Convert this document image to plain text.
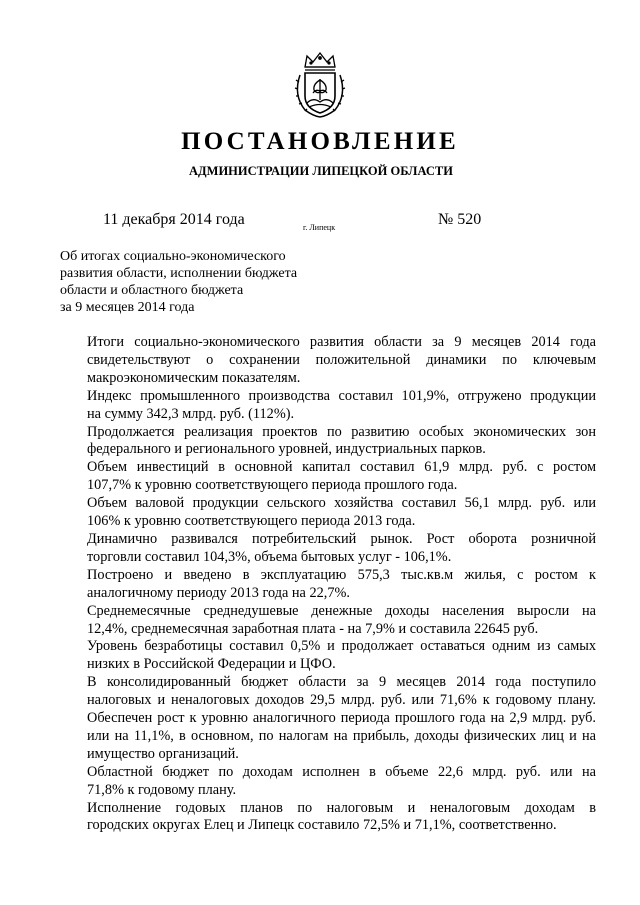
ПОСТАНОВЛЕНИЕ
АДМИНИСТРАЦИИ ЛИПЕЦКОЙ ОБЛАСТИ
11 декабря 2014 года	г. Липецк	№ 520
Об итогах социально-экономического
развития области, исполнении бюджета
области и областного бюджета
за 9 месяцев 2014 года

Итоги социально-экономического развития области за 9 месяцев 2014 года
свидетельствуют о сохранении положительной динамики по ключевым
макроэкономическим показателям.

Индекс промышленного производства составил 101,9%, отгружено продукции
на сумму 342,3 млрд. руб. (112%).

Продолжается реализация проектов по развитию особых экономических зон
федерального и регионального уровней, индустриальных парков.

Объем инвестиций в основной капитал составил 61,9 млрд. руб. с ростом
107,7% к уровню соответствующего периода прошлого года.

Объем валовой продукции сельского хозяйства составил 56,1 млрд. руб. или
106% к уровню соответствующего периода 2013 года.

Динамично развивался потребительский рынок. Рост оборота розничной
торговли составил 104,3%, объема бытовых услуг - 106,1%.

Построено и введено в эксплуатацию 575,3 тыс.кв.м жилья, с ростом к
аналогичному периоду 2013 года на 22,7%.

Среднемесячные среднедушевые денежные доходы населения выросли на
12,4%, среднемесячная заработная плата - на 7,9% и составила 22645 руб.

Уровень безработицы составил 0,5% и продолжает оставаться одним из самых
низких в Российской Федерации и ЦФО.

В консолидированный бюджет области за 9 месяцев 2014 года поступило
налоговых и неналоговых доходов 29,5 млрд. руб. или 71,6% к годовому плану.
Обеспечен рост к уровню аналогичного периода прошлого года на 2,9 млрд. руб.
или на 11,1%, в основном, по налогам на прибыль, доходы физических лиц и на
имущество организаций.

Областной бюджет по доходам исполнен в объеме 22,6 млрд. руб. или на
71,8% к годовому плану.

Исполнение годовых планов по налоговым и неналоговым доходам в
городских округах Елец и Липецк составило 72,5% и 71,1%, соответственно.
